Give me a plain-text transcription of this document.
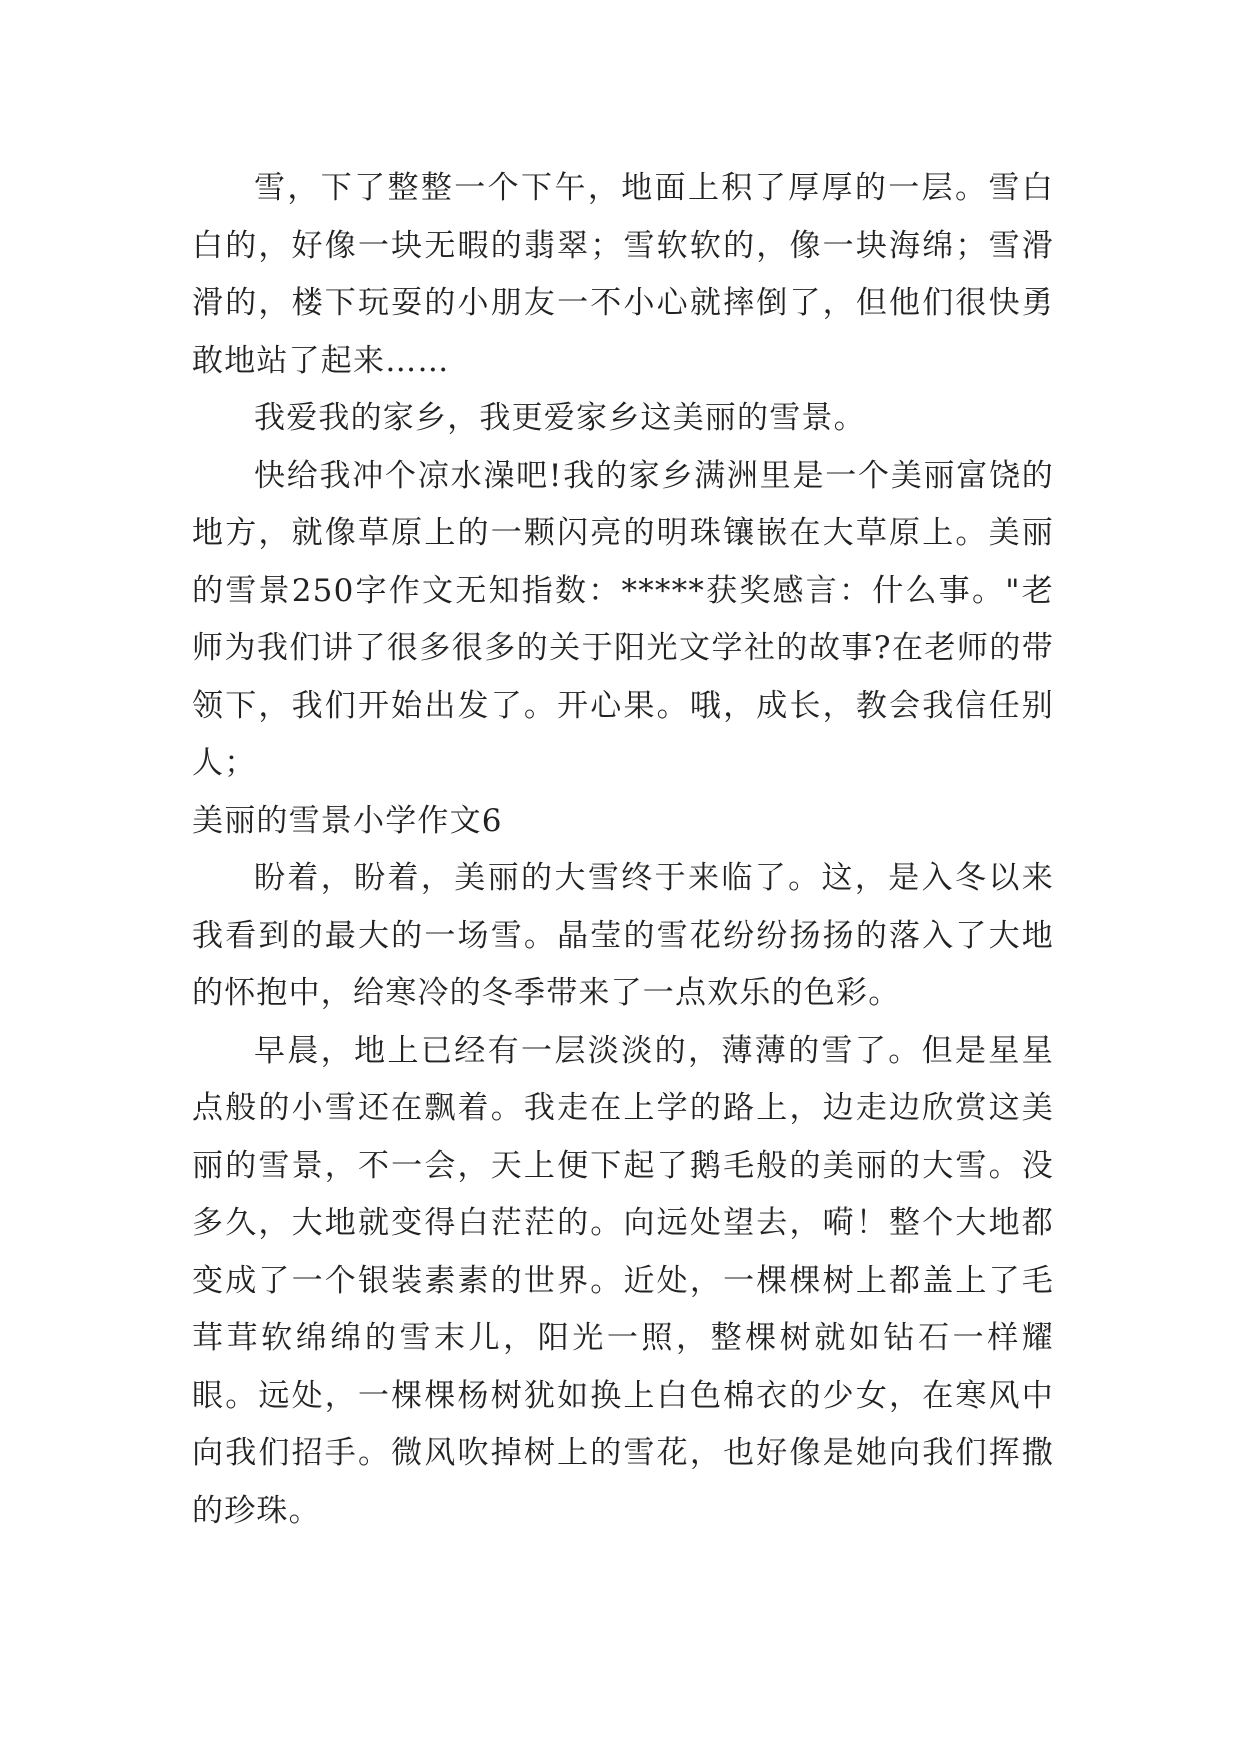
雪，下了整整一个下午，地面上积了厚厚的一层。雪白白的，好像一块无暇的翡翠；雪软软的，像一块海绵；雪滑滑的，楼下玩耍的小朋友一不小心就摔倒了，但他们很快勇敢地站了起来……

我爱我的家乡，我更爱家乡这美丽的雪景。

快给我冲个凉水澡吧!我的家乡满洲里是一个美丽富饶的地方，就像草原上的一颗闪亮的明珠镶嵌在大草原上。美丽的雪景250字作文无知指数：*****获奖感言：什么事。"老师为我们讲了很多很多的关于阳光文学社的故事?在老师的带领下，我们开始出发了。开心果。哦，成长，教会我信任别人；

美丽的雪景小学作文6

盼着，盼着，美丽的大雪终于来临了。这，是入冬以来我看到的最大的一场雪。晶莹的雪花纷纷扬扬的落入了大地的怀抱中，给寒冷的冬季带来了一点欢乐的色彩。

早晨，地上已经有一层淡淡的，薄薄的雪了。但是星星点般的小雪还在飘着。我走在上学的路上，边走边欣赏这美丽的雪景，不一会，天上便下起了鹅毛般的美丽的大雪。没多久，大地就变得白茫茫的。向远处望去，嗬！整个大地都变成了一个银装素素的世界。近处，一棵棵树上都盖上了毛茸茸软绵绵的雪末儿，阳光一照，整棵树就如钻石一样耀眼。远处，一棵棵杨树犹如换上白色棉衣的少女，在寒风中向我们招手。微风吹掉树上的雪花，也好像是她向我们挥撒的珍珠。
